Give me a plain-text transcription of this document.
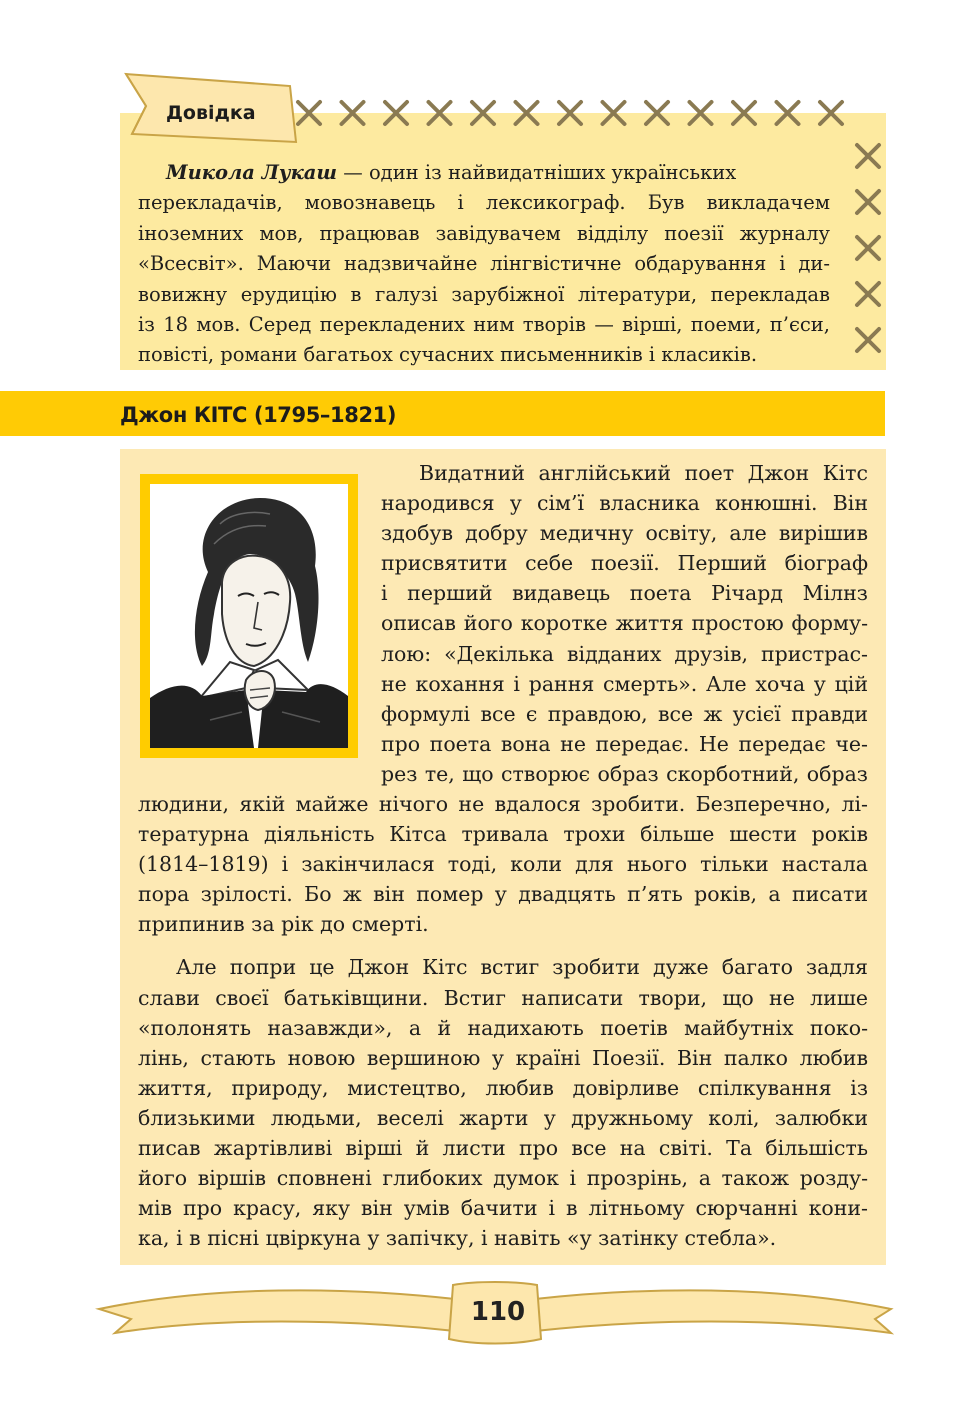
Довідка
Микола Лукаш — один із найвидатніших українських
перекладачів, мовознавець і лексикограф. Був викладачем
іноземних мов, працював завідувачем відділу поезії журналу
«Всесвіт». Маючи надзвичайне лінгвістичне обдарування і ди-
вовижну ерудицію в галузі зарубіжної літератури, перекладав
із 18 мов. Серед перекладених ним творів — вірші, поеми, п’єси,
повісті, романи багатьох сучасних письменників і класиків.
Джон КІТС (1795–1821)
Видатний англійський поет Джон Кітс
народився у сім’ї власника конюшні. Він
здобув добру медичну освіту, але вирішив
присвятити себе поезії. Перший біограф
і перший видавець поета Річард Мілнз
описав його коротке життя простою форму-
лою: «Декілька відданих друзів, пристрас-
не кохання і рання смерть». Але хоча у цій
формулі все є правдою, все ж усієї правди
про поета вона не передає. Не передає че-
рез те, що створює образ скорботний, образ

людини, якій майже нічого не вдалося зробити. Безперечно, лі-
тературна діяльність Кітса тривала трохи більше шести років
(1814–1819) і закінчилася тоді, коли для нього тільки настала
пора зрілості. Бо ж він помер у двадцять п’ять років, а писати
припинив за рік до смерті.

Але попри це Джон Кітс встиг зробити дуже багато задля
слави своєї батьківщини. Встиг написати твори, що не лише
«полонять назавжди», а й надихають поетів майбутніх поко-
лінь, стають новою вершиною у країні Поезії. Він палко любив
життя, природу, мистецтво, любив довірливе спілкування із
близькими людьми, веселі жарти у дружньому колі, залюбки
писав жартівливі вірші й листи про все на світі. Та більшість
його віршів сповнені глибоких думок і прозрінь, а також розду-
мів про красу, яку він умів бачити і в літньому сюрчанні кони-
ка, і в пісні цвіркуна у запічку, і навіть «у затінку стебла».

110
